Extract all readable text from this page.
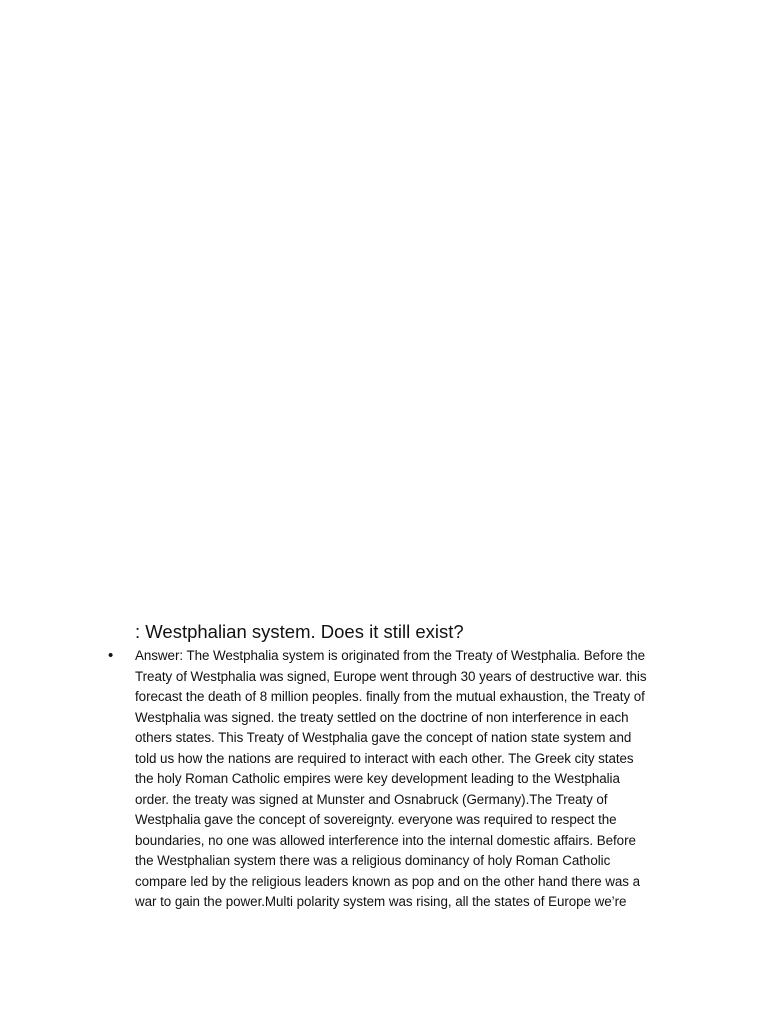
: Westphalian system. Does it still exist?
•	Answer: The Westphalia system is originated from the Treaty of Westphalia. Before the
Treaty of Westphalia was signed, Europe went through 30 years of destructive war. this
forecast the death of 8 million peoples. finally from the mutual exhaustion, the Treaty of
Westphalia was signed. the treaty settled on the doctrine of non interference in each
others states. This Treaty of Westphalia gave the concept of nation state system and
told us how the nations are required to interact with each other. The Greek city states
the holy Roman Catholic empires were key development leading to the Westphalia
order. the treaty was signed at Munster and Osnabruck (Germany).The Treaty of
Westphalia gave the concept of sovereignty. everyone was required to respect the
boundaries, no one was allowed interference into the internal domestic affairs. Before
the Westphalian system there was a religious dominancy of holy Roman Catholic
compare led by the religious leaders known as pop and on the other hand there was a
war to gain the power.Multi polarity system was rising, all the states of Europe we’re
